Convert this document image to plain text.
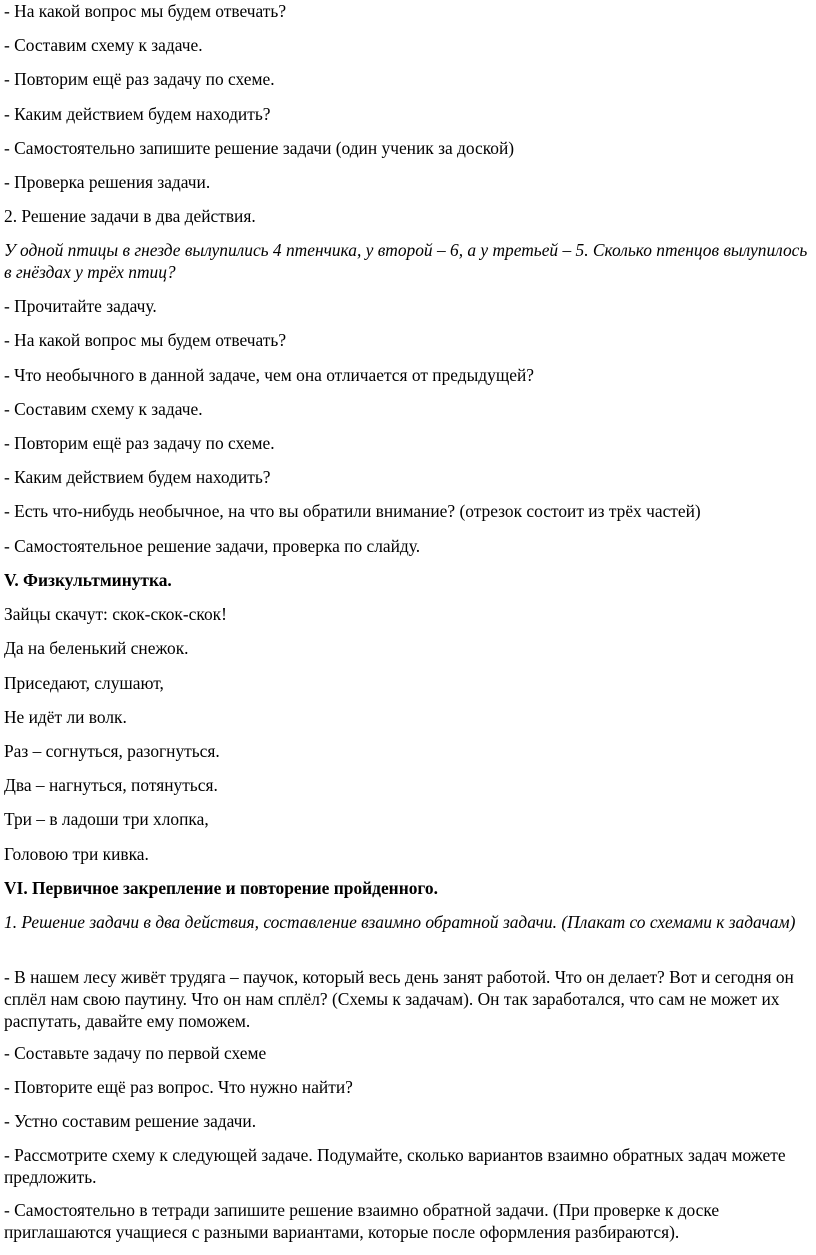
- На какой вопрос мы будем отвечать?
- Составим схему к задаче.
- Повторим ещё раз задачу по схеме.
- Каким действием будем находить?
- Самостоятельно запишите решение задачи (один ученик за доской)
- Проверка решения задачи.
2. Решение задачи в два действия.
У одной птицы в гнезде вылупились 4 птенчика, у второй – 6, а у третьей – 5. Сколько птенцов вылупилось в гнёздах у трёх птиц?
- Прочитайте задачу.
- На какой вопрос мы будем отвечать?
- Что необычного в данной задаче, чем она отличается от предыдущей?
- Составим схему к задаче.
- Повторим ещё раз задачу по схеме.
- Каким действием будем находить?
- Есть что-нибудь необычное, на что вы обратили внимание? (отрезок состоит из трёх частей)
- Самостоятельное решение задачи, проверка по слайду.
V. Физкультминутка.
Зайцы скачут: скок-скок-скок!
Да на беленький снежок.
Приседают, слушают,
Не идёт ли волк.
Раз – согнуться, разогнуться.
Два – нагнуться, потянуться.
Три – в ладоши три хлопка,
Головою три кивка.
VI. Первичное закрепление и повторение пройденного.
1. Решение задачи в два действия, составление взаимно обратной задачи. (Плакат со схемами к задачам)
- В нашем лесу живёт трудяга – паучок, который весь день занят работой. Что он делает? Вот и сегодня он сплёл нам свою паутину. Что он нам сплёл? (Схемы к задачам). Он так заработался, что сам не может их распутать, давайте ему поможем.
- Составьте задачу по первой схеме
- Повторите ещё раз вопрос. Что нужно найти?
- Устно составим решение задачи.
- Рассмотрите схему к следующей задаче. Подумайте, сколько вариантов взаимно обратных задач можете предложить.
- Самостоятельно в тетради запишите решение взаимно обратной задачи. (При проверке к доске приглашаются учащиеся с разными вариантами, которые после оформления разбираются).
